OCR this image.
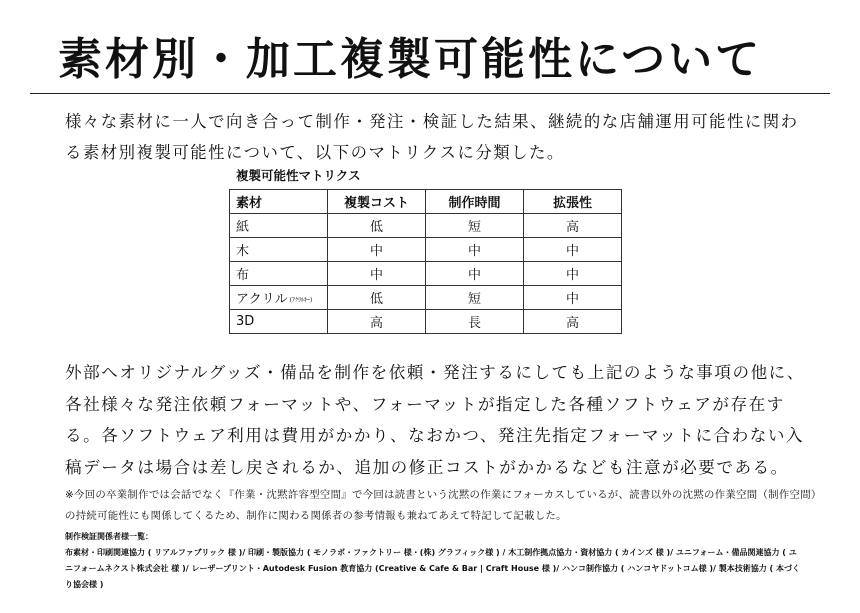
素材別・加工複製可能性について

様々な素材に一人で向き合って制作・発注・検証した結果、継続的な店舗運用可能性に関わる素材別複製可能性について、以下のマトリクスに分類した。

複製可能性マトリクス
素材	複製コスト	制作時間	拡張性
紙	低	短	高
木	中	中	中
布	中	中	中
アクリル (ｱｸﾘﾙｷｰ)	低	短	中
3D	高	長	高

外部へオリジナルグッズ・備品を制作を依頼・発注するにしても上記のような事項の他に、各社様々な発注依頼フォーマットや、フォーマットが指定した各種ソフトウェアが存在する。各ソフトウェア利用は費用がかかり、なおかつ、発注先指定フォーマットに合わない入稿データは場合は差し戻されるか、追加の修正コストがかかるなども注意が必要である。

※今回の卒業制作では会話でなく『作業・沈黙許容型空間』で今回は読書という沈黙の作業にフォーカスしているが、読書以外の沈黙の作業空間（制作空間）の持続可能性にも関係してくるため、制作に関わる関係者の参考情報も兼ねてあえて特記して記載した。

制作検証関係者様一覧：

布素材・印刷関連協力 ( リアルファブリック 様 )/ 印刷・製版協力 ( モノラボ・ファクトリー 様・(株) グラフィック様 ) / 木工制作拠点協力・資材協力 ( カインズ 様 )/ ユニフォーム・備品関連協力 ( ユニフォームネクスト株式会社 様 )/ レーザープリント・Autodesk Fusion 教育協力 (Creative & Cafe & Bar | Craft House 様 )/ ハンコ制作協力 ( ハンコヤドットコム様 )/ 製本技術協力 ( 本づくり協会様 )
